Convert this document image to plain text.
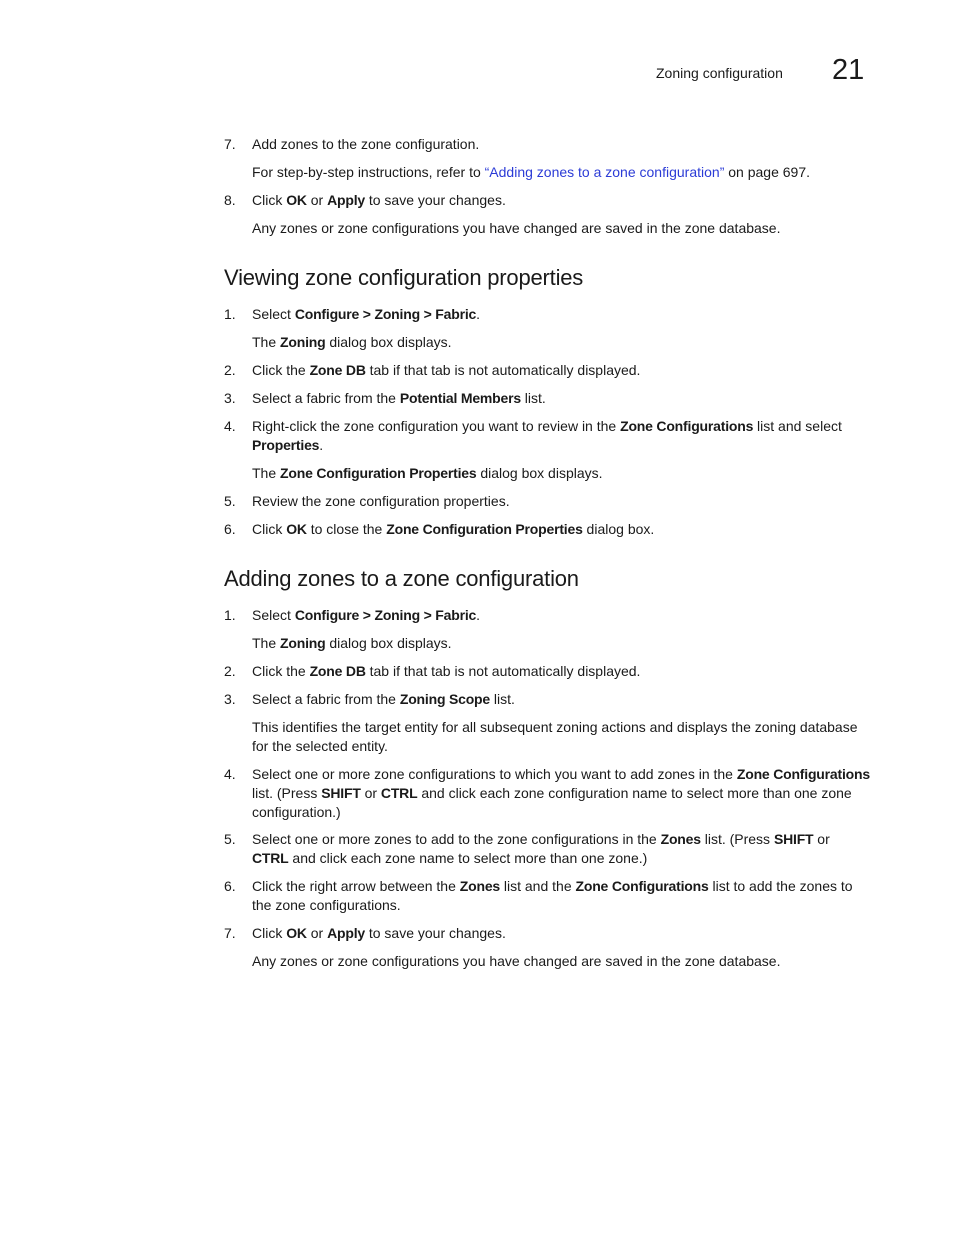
Zoning configuration 21
7. Add zones to the zone configuration.
For step-by-step instructions, refer to “Adding zones to a zone configuration” on page 697.
8. Click OK or Apply to save your changes.
Any zones or zone configurations you have changed are saved in the zone database.
Viewing zone configuration properties
1. Select Configure > Zoning > Fabric.
The Zoning dialog box displays.
2. Click the Zone DB tab if that tab is not automatically displayed.
3. Select a fabric from the Potential Members list.
4. Right-click the zone configuration you want to review in the Zone Configurations list and select Properties.
The Zone Configuration Properties dialog box displays.
5. Review the zone configuration properties.
6. Click OK to close the Zone Configuration Properties dialog box.
Adding zones to a zone configuration
1. Select Configure > Zoning > Fabric.
The Zoning dialog box displays.
2. Click the Zone DB tab if that tab is not automatically displayed.
3. Select a fabric from the Zoning Scope list.
This identifies the target entity for all subsequent zoning actions and displays the zoning database for the selected entity.
4. Select one or more zone configurations to which you want to add zones in the Zone Configurations list. (Press SHIFT or CTRL and click each zone configuration name to select more than one zone configuration.)
5. Select one or more zones to add to the zone configurations in the Zones list. (Press SHIFT or CTRL and click each zone name to select more than one zone.)
6. Click the right arrow between the Zones list and the Zone Configurations list to add the zones to the zone configurations.
7. Click OK or Apply to save your changes.
Any zones or zone configurations you have changed are saved in the zone database.
